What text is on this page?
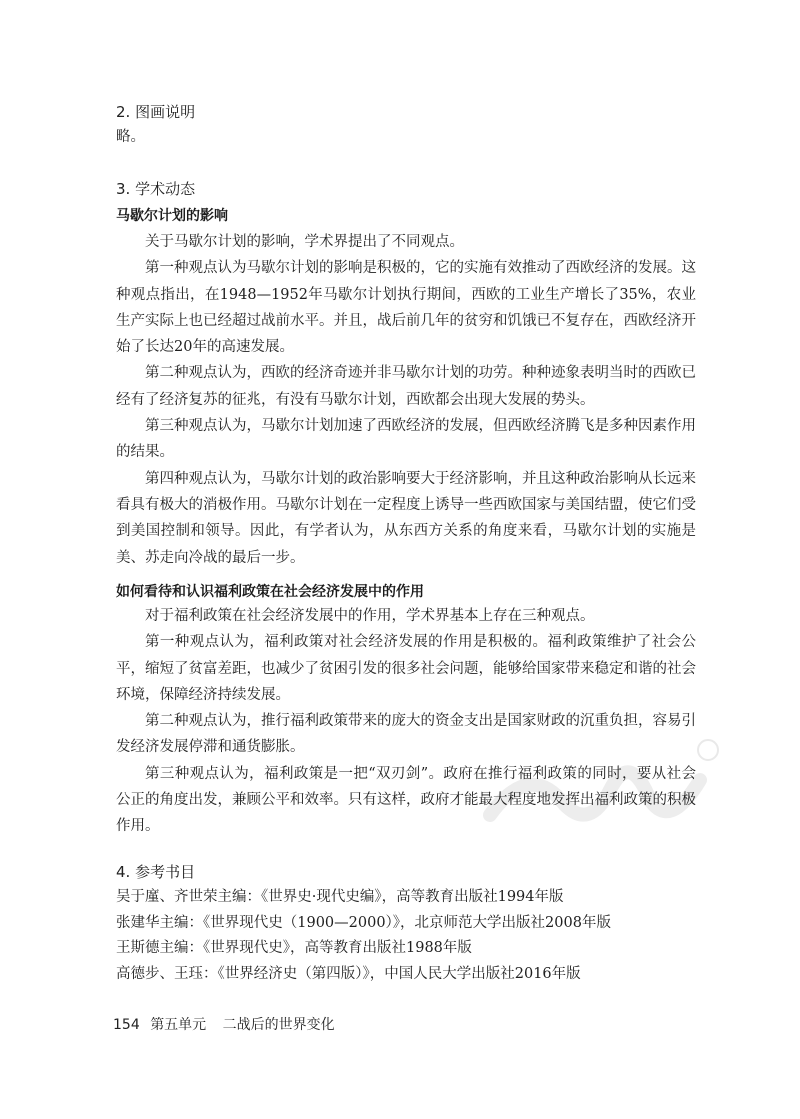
2. 图画说明

略。

3. 学术动态
马歇尔计划的影响

关于马歇尔计划的影响，学术界提出了不同观点。

第一种观点认为马歇尔计划的影响是积极的，它的实施有效推动了西欧经济的发展。这种观点指出，在1948—1952年马歇尔计划执行期间，西欧的工业生产增长了35%，农业生产实际上也已经超过战前水平。并且，战后前几年的贫穷和饥饿已不复存在，西欧经济开始了长达20年的高速发展。

第二种观点认为，西欧的经济奇迹并非马歇尔计划的功劳。种种迹象表明当时的西欧已经有了经济复苏的征兆，有没有马歇尔计划，西欧都会出现大发展的势头。

第三种观点认为，马歇尔计划加速了西欧经济的发展，但西欧经济腾飞是多种因素作用的结果。

第四种观点认为，马歇尔计划的政治影响要大于经济影响，并且这种政治影响从长远来看具有极大的消极作用。马歇尔计划在一定程度上诱导一些西欧国家与美国结盟，使它们受到美国控制和领导。因此，有学者认为，从东西方关系的角度来看，马歇尔计划的实施是美、苏走向冷战的最后一步。

如何看待和认识福利政策在社会经济发展中的作用

对于福利政策在社会经济发展中的作用，学术界基本上存在三种观点。

第一种观点认为，福利政策对社会经济发展的作用是积极的。福利政策维护了社会公平，缩短了贫富差距，也减少了贫困引发的很多社会问题，能够给国家带来稳定和谐的社会环境，保障经济持续发展。

第二种观点认为，推行福利政策带来的庞大的资金支出是国家财政的沉重负担，容易引发经济发展停滞和通货膨胀。

第三种观点认为，福利政策是一把“双刃剑”。政府在推行福利政策的同时，要从社会公正的角度出发，兼顾公平和效率。只有这样，政府才能最大程度地发挥出福利政策的积极作用。

4. 参考书目
吴于廑、齐世荣主编：《世界史·现代史编》，高等教育出版社1994年版
张建华主编：《世界现代史（1900—2000）》，北京师范大学出版社2008年版
王斯德主编：《世界现代史》，高等教育出版社1988年版
高德步、王珏：《世界经济史（第四版）》，中国人民大学出版社2016年版
154 第五单元 二战后的世界变化
